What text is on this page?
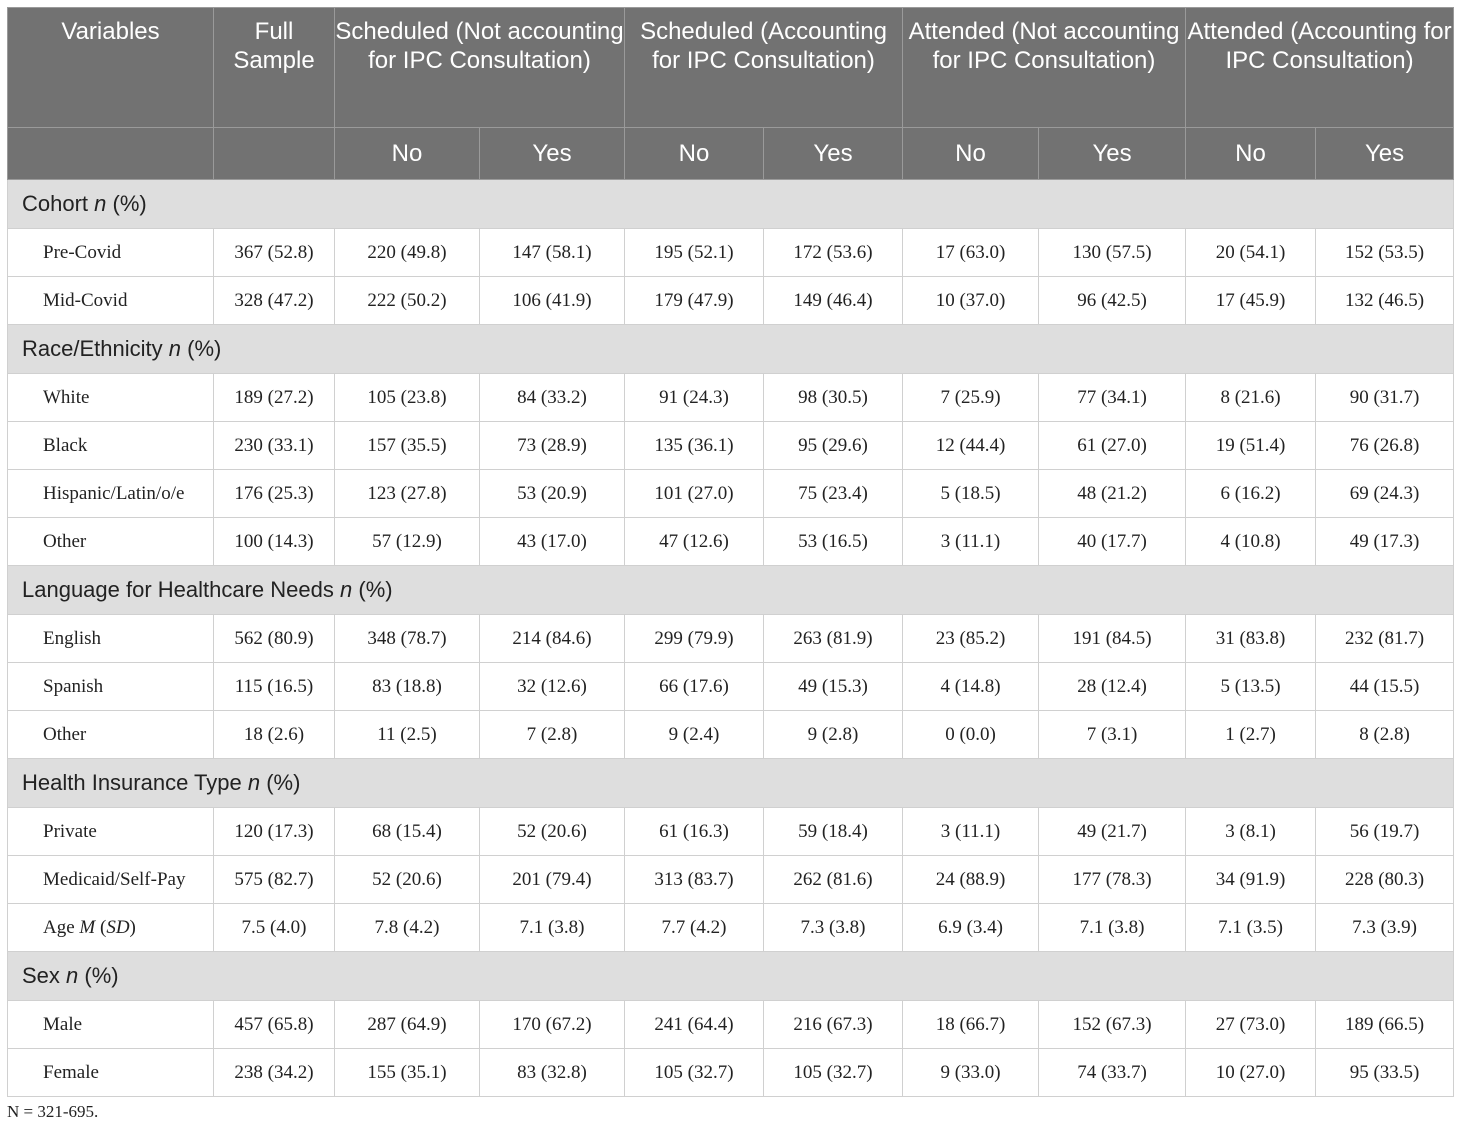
Variables	Full Sample	Scheduled (Not accounting for IPC Consultation)		Scheduled (Accounting for IPC Consultation)		Attended (Not accounting for IPC Consultation)		Attended (Accounting for IPC Consultation)	
		No	Yes	No	Yes	No	Yes	No	Yes
Cohort n (%)									
Pre-Covid	367 (52.8)	220 (49.8)	147 (58.1)	195 (52.1)	172 (53.6)	17 (63.0)	130 (57.5)	20 (54.1)	152 (53.5)
Mid-Covid	328 (47.2)	222 (50.2)	106 (41.9)	179 (47.9)	149 (46.4)	10 (37.0)	96 (42.5)	17 (45.9)	132 (46.5)
Race/Ethnicity n (%)									
White	189 (27.2)	105 (23.8)	84 (33.2)	91 (24.3)	98 (30.5)	7 (25.9)	77 (34.1)	8 (21.6)	90 (31.7)
Black	230 (33.1)	157 (35.5)	73 (28.9)	135 (36.1)	95 (29.6)	12 (44.4)	61 (27.0)	19 (51.4)	76 (26.8)
Hispanic/Latin/o/e	176 (25.3)	123 (27.8)	53 (20.9)	101 (27.0)	75 (23.4)	5 (18.5)	48 (21.2)	6 (16.2)	69 (24.3)
Other	100 (14.3)	57 (12.9)	43 (17.0)	47 (12.6)	53 (16.5)	3 (11.1)	40 (17.7)	4 (10.8)	49 (17.3)
Language for Healthcare Needs n (%)									
English	562 (80.9)	348 (78.7)	214 (84.6)	299 (79.9)	263 (81.9)	23 (85.2)	191 (84.5)	31 (83.8)	232 (81.7)
Spanish	115 (16.5)	83 (18.8)	32 (12.6)	66 (17.6)	49 (15.3)	4 (14.8)	28 (12.4)	5 (13.5)	44 (15.5)
Other	18 (2.6)	11 (2.5)	7 (2.8)	9 (2.4)	9 (2.8)	0 (0.0)	7 (3.1)	1 (2.7)	8 (2.8)
Health Insurance Type n (%)									
Private	120 (17.3)	68 (15.4)	52 (20.6)	61 (16.3)	59 (18.4)	3 (11.1)	49 (21.7)	3 (8.1)	56 (19.7)
Medicaid/Self-Pay	575 (82.7)	52 (20.6)	201 (79.4)	313 (83.7)	262 (81.6)	24 (88.9)	177 (78.3)	34 (91.9)	228 (80.3)
Age M (SD)	7.5 (4.0)	7.8 (4.2)	7.1 (3.8)	7.7 (4.2)	7.3 (3.8)	6.9 (3.4)	7.1 (3.8)	7.1 (3.5)	7.3 (3.9)
Sex n (%)									
Male	457 (65.8)	287 (64.9)	170 (67.2)	241 (64.4)	216 (67.3)	18 (66.7)	152 (67.3)	27 (73.0)	189 (66.5)
Female	238 (34.2)	155 (35.1)	83 (32.8)	105 (32.7)	105 (32.7)	9 (33.0)	74 (33.7)	10 (27.0)	95 (33.5)
N = 321-695.
